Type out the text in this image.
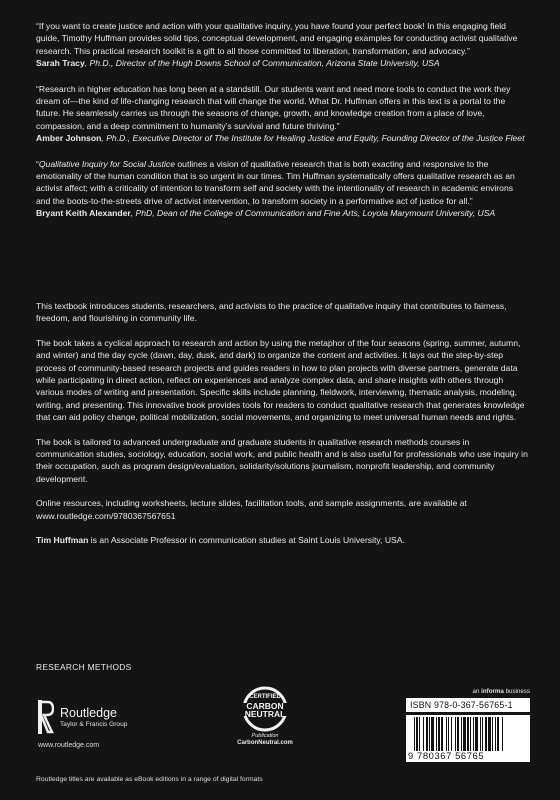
“If you want to create justice and action with your qualitative inquiry, you have found your perfect book! In this engaging field guide, Timothy Huffman provides solid tips, conceptual development, and engaging examples for conducting activist qualitative research. This practical research toolkit is a gift to all those committed to liberation, transformation, and advocacy.”
Sarah Tracy, Ph.D., Director of the Hugh Downs School of Communication, Arizona State University, USA

“Research in higher education has long been at a standstill. Our students want and need more tools to conduct the work they dream of—the kind of life-changing research that will change the world. What Dr. Huffman offers in this text is a portal to the future. He seamlessly carries us through the seasons of change, growth, and knowledge creation from a place of love, compassion, and a deep commitment to humanity’s survival and future thriving.”
Amber Johnson, Ph.D., Executive Director of The Institute for Healing Justice and Equity, Founding Director of the Justice Fleet

“Qualitative Inquiry for Social Justice outlines a vision of qualitative research that is both exacting and responsive to the emotionality of the human condition that is so urgent in our times. Tim Huffman systematically offers qualitative research as an activist affect; with a criticality of intention to transform self and society with the intentionality of research in academic environs and the boots-to-the-streets drive of activist intervention, to transform society in a performative act of justice for all.”
Bryant Keith Alexander, PhD, Dean of the College of Communication and Fine Arts, Loyola Marymount University, USA

This textbook introduces students, researchers, and activists to the practice of qualitative inquiry that contributes to fairness, freedom, and flourishing in community life.

The book takes a cyclical approach to research and action by using the metaphor of the four seasons (spring, summer, autumn, and winter) and the day cycle (dawn, day, dusk, and dark) to organize the content and activities. It lays out the step-by-step process of community-based research projects and guides readers in how to plan projects with diverse partners, generate data while participating in direct action, reflect on experiences and analyze complex data, and share insights with others through various modes of writing and presentation. Specific skills include planning, fieldwork, interviewing, thematic analysis, modeling, writing, and presenting. This innovative book provides tools for readers to conduct qualitative research that generates knowledge that can aid policy change, political mobilization, social movements, and organizing to meet universal human needs and rights.

The book is tailored to advanced undergraduate and graduate students in qualitative research methods courses in communication studies, sociology, education, social work, and public health and is also useful for professionals who use inquiry in their occupation, such as program design/evaluation, solidarity/solutions journalism, nonprofit leadership, and community development.

Online resources, including worksheets, lecture slides, facilitation tools, and sample assignments, are available at www.routledge.com/9780367567651

Tim Huffman is an Associate Professor in communication studies at Saint Louis University, USA.

RESEARCH METHODS
Routledge
Taylor & Francis Group
www.routledge.com
CERTIFIED
CARBON
NEUTRAL
Publication
CarbonNeutral.com
an informa business
ISBN 978-0-367-56765-1
9 780367 56765
Routledge titles are available as eBook editions in a range of digital formats
